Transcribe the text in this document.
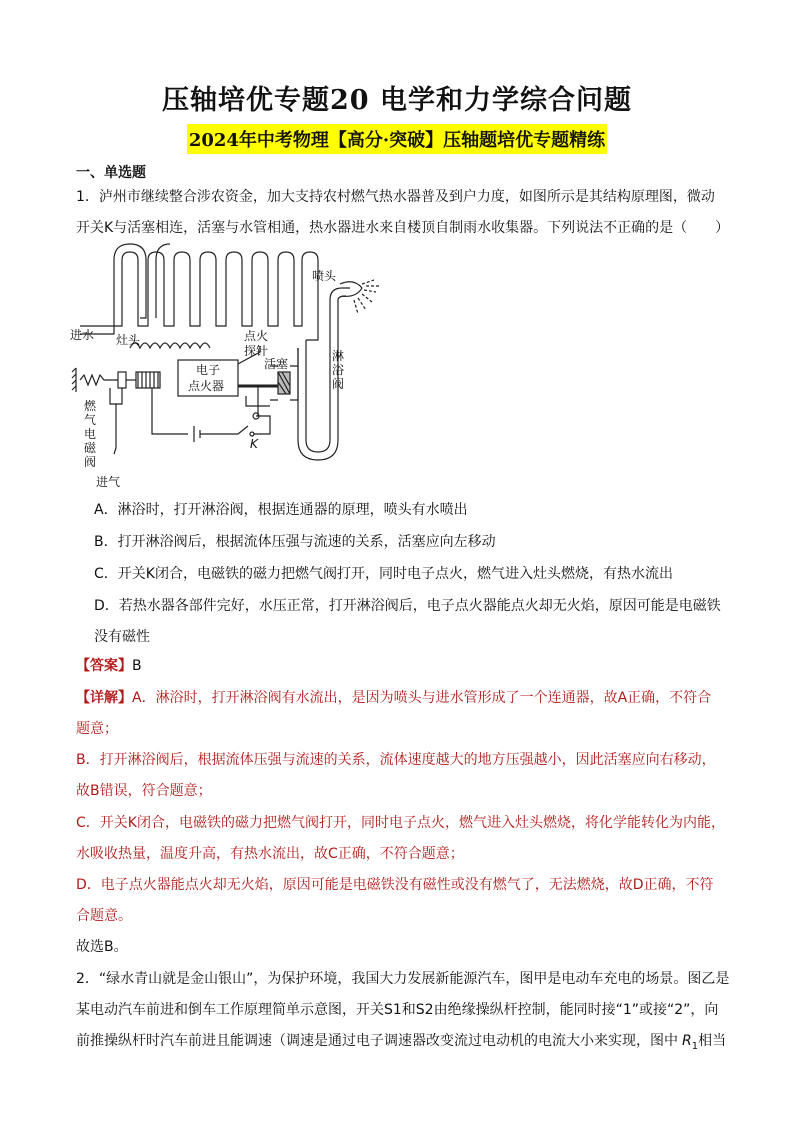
压轴培优专题20 电学和力学综合问题
2024年中考物理【高分·突破】压轴题培优专题精练
一、单选题
1．泸州市继续整合涉农资金，加大支持农村燃气热水器普及到户力度，如图所示是其结构原理图，微动
开关K与活塞相连，活塞与水管相通，热水器进水来自楼顶自制雨水收集器。下列说法不正确的是（　　）
进水 灶头	点火
探针
电子
点火器
活塞
喷头
淋
浴
阀
燃
气
电
磁
阀
进气
K
A．淋浴时，打开淋浴阀，根据连通器的原理，喷头有水喷出
B．打开淋浴阀后，根据流体压强与流速的关系，活塞应向左移动
C．开关K闭合，电磁铁的磁力把燃气阀打开，同时电子点火，燃气进入灶头燃烧，有热水流出
D．若热水器各部件完好，水压正常，打开淋浴阀后，电子点火器能点火却无火焰，原因可能是电磁铁
没有磁性
【答案】B
【详解】A．淋浴时，打开淋浴阀有水流出，是因为喷头与进水管形成了一个连通器，故A正确，不符合
题意；
B．打开淋浴阀后，根据流体压强与流速的关系，流体速度越大的地方压强越小，因此活塞应向右移动，
故B错误，符合题意；
C．开关K闭合，电磁铁的磁力把燃气阀打开，同时电子点火，燃气进入灶头燃烧，将化学能转化为内能，
水吸收热量，温度升高，有热水流出，故C正确，不符合题意；
D．电子点火器能点火却无火焰，原因可能是电磁铁没有磁性或没有燃气了，无法燃烧，故D正确，不符
合题意。
故选B。
2．“绿水青山就是金山银山”，为保护环境，我国大力发展新能源汽车，图甲是电动车充电的场景。图乙是
某电动汽车前进和倒车工作原理简单示意图，开关S1和S2由绝缘操纵杆控制，能同时接“1”或接“2”，向
前推操纵杆时汽车前进且能调速（调速是通过电子调速器改变流过电动机的电流大小来实现，图中 $R_1$相当
